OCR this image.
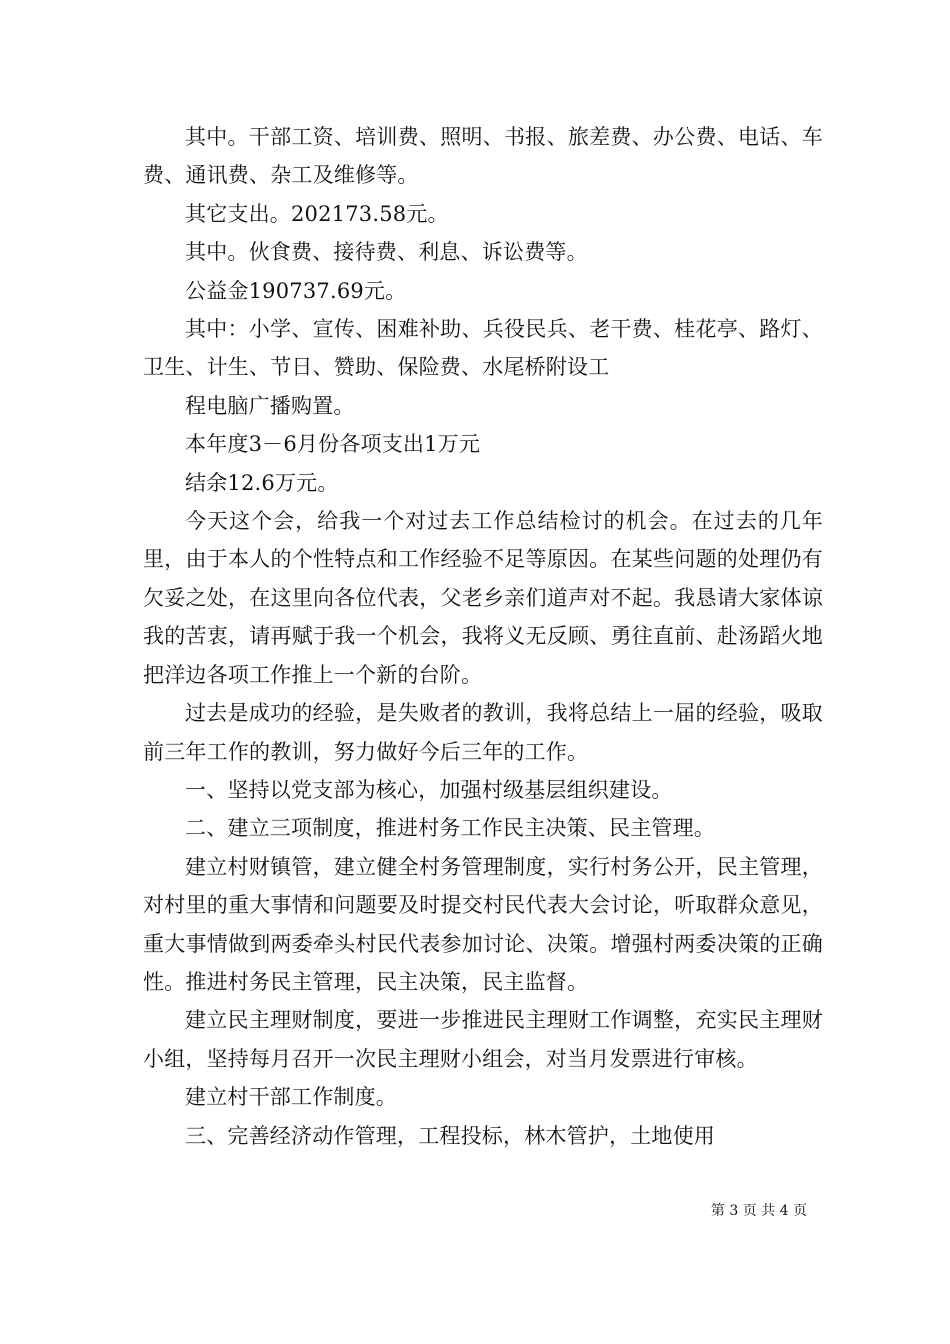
其中。干部工资、培训费、照明、书报、旅差费、办公费、电话、车费、通讯费、杂工及维修等。

其它支出。202173.58元。

其中。伙食费、接待费、利息、诉讼费等。

公益金190737.69元。

其中：小学、宣传、困难补助、兵役民兵、老干费、桂花亭、路灯、卫生、计生、节日、赞助、保险费、水尾桥附设工

程电脑广播购置。

本年度3－6月份各项支出1万元

结余12.6万元。

今天这个会，给我一个对过去工作总结检讨的机会。在过去的几年里，由于本人的个性特点和工作经验不足等原因。在某些问题的处理仍有欠妥之处，在这里向各位代表，父老乡亲们道声对不起。我恳请大家体谅我的苦衷，请再赋于我一个机会，我将义无反顾、勇往直前、赴汤蹈火地把洋边各项工作推上一个新的台阶。

过去是成功的经验，是失败者的教训，我将总结上一届的经验，吸取前三年工作的教训，努力做好今后三年的工作。

一、坚持以党支部为核心，加强村级基层组织建设。

二、建立三项制度，推进村务工作民主决策、民主管理。

建立村财镇管，建立健全村务管理制度，实行村务公开，民主管理，对村里的重大事情和问题要及时提交村民代表大会讨论，听取群众意见，重大事情做到两委牵头村民代表参加讨论、决策。增强村两委决策的正确性。推进村务民主管理，民主决策，民主监督。

建立民主理财制度，要进一步推进民主理财工作调整，充实民主理财小组，坚持每月召开一次民主理财小组会，对当月发票进行审核。

建立村干部工作制度。

三、完善经济动作管理，工程投标，林木管护，土地使用

第 3 页 共 4 页
